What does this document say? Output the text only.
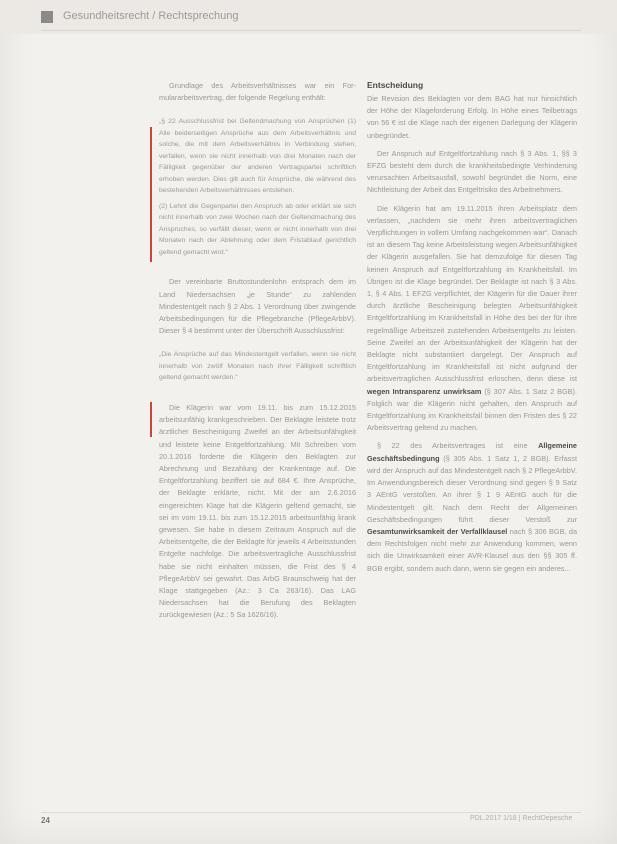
Gesundheitsrecht / Rechtsprechung

Grundlage des Arbeitsverhältnisses war ein For-mulararbeitsvertrag, der folgende Regelung enthält:

„§ 22 Ausschlussfrist bei Geltendmachung von Ansprüchen (1) Alle beiderseitigen Ansprüche aus dem Arbeitsverhältnis und solche, die mit dem Arbeitsverhältnis in Verbindung stehen, verfallen, wenn sie nicht innerhalb von drei Monaten nach der Fälligkeit gegenüber der anderen Vertragspartei schriftlich erhoben werden. Dies gilt auch für Ansprüche, die während des bestehenden Arbeitsverhältnisses entstehen.

(2) Lehnt die Gegenpartei den Anspruch ab oder erklärt sie sich nicht innerhalb von zwei Wochen nach der Geltendmachung des Anspruches, so verfällt dieser, wenn er nicht innerhalb von drei Monaten nach der Ablehnung oder dem Fristablauf gerichtlich geltend gemacht wird.“

Der vereinbarte Bruttostundenlohn entsprach dem im Land Niedersachsen „je Stunde“ zu zahlenden Mindestentgelt nach § 2 Abs. 1 Verordnung über zwingende Arbeitsbedingungen für die Pflegebranche (PflegeArbbV). Dieser § 4 bestimmt unter der Überschrift Ausschlussfrist:

„Die Ansprüche auf das Mindestentgelt verfallen, wenn sie nicht innerhalb von zwölf Monaten nach ihrer Fälligkeit schriftlich geltend gemacht werden.“

Die Klägerin war vom 19.11. bis zum 15.12.2015 arbeitsunfähig krankgeschrieben. Der Beklagte leistete trotz ärztlicher Bescheinigung Zweifel an der Arbeitsunfähigkeit und leistete keine Entgeltfortzahlung. Mit Schreiben vom 20.1.2016 forderte die Klägerin den Beklagten zur Abrechnung und Bezahlung der Krankentage auf. Die Entgeltfortzahlung beziffert sie auf 684 €. Ihre Ansprüche, der Beklagte erklärte, nicht. Mit der am 2.6.2016 eingereichten Klage hat die Klägerin geltend gemacht, sie sei im vom 19.11. bis zum 15.12.2015 arbeitsunfähig krank gewesen. Sie habe in diesem Zeitraum Anspruch auf die Arbeitsentgelte, die der Beklagte für jeweils 4 Arbeitsstunden Entgelte nachfolge. Die arbeitsvertragliche Ausschlussfrist habe sie nicht einhalten müssen, die Frist des § 4 PflegeArbbV sei gewahrt. Das ArbG Braunschweig hat der Klage stattgegeben (Az.: 3 Ca 263/16). Das LAG Niedersachsen hat die Berufung des Beklagten zurückgewiesen (Az.: 5 Sa 1626/16).

Entscheidung

Die Revision des Beklagten vor dem BAG hat nur hinsichtlich der Höhe der Klageforderung Erfolg. In Höhe eines Teilbetrags von 56 € ist die Klage nach der eigenen Darlegung der Klägerin unbegründet.

Der Anspruch auf Entgeltfortzahlung nach § 3 Abs. 1, §§ 3 EFZG besteht dem durch die krankheitsbedingte Verhinderung verursachten Arbeitsausfall, sowohl begründet die Norm, eine Nichtleistung der Arbeit das Entgeltrisiko des Arbeitnehmers.

Die Klägerin hat am 19.11.2015 ihren Arbeitsplatz dem verlassen, „nachdem sie mehr ihren arbeitsvertraglichen Verpflichtungen in vollem Umfang nachgekommen war“. Danach ist an diesem Tag keine Arbeitsleistung wegen Arbeitsunfähigkeit der Klägerin ausgefallen. Sie hat demzufolge für diesen Tag keinen Anspruch auf Entgeltfortzahlung im Krankheitsfall. Im Übrigen ist die Klage begründet. Der Beklagte ist nach § 3 Abs. 1, § 4 Abs. 1 EFZG verpflichtet, der Klägerin für die Dauer ihrer durch ärztliche Bescheinigung belegten Arbeitsunfähigkeit Entgeltfortzahlung im Krankheitsfall in Höhe des bei der für ihre regelmäßige Arbeitszeit zustehenden Arbeitsentgelts zu leisten. Seine Zweifel an der Arbeitsunfähigkeit der Klägerin hat der Beklagte nicht substantiiert dargelegt. Der Anspruch auf Entgeltfortzahlung im Krankheitsfall ist nicht aufgrund der arbeitsvertraglichen Ausschlussfrist erloschen, denn diese ist wegen Intransparenz unwirksam (§ 307 Abs. 1 Satz 2 BGB). Folglich war die Klägerin nicht gehalten, den Anspruch auf Entgeltfortzahlung im Krankheitsfall binnen den Fristen des § 22 Arbeitsvertrag geltend zu machen.

§ 22 des Arbeitsvertrages ist eine Allgemeine Geschäftsbedingung (§ 305 Abs. 1 Satz 1, 2 BGB). Erfasst wird der Anspruch auf das Mindestentgelt nach § 2 PflegeArbbV. Im Anwendungsbereich dieser Verordnung sind gegen § 9 Satz 3 AEntG verstoßen. An ihrer § 1 9 AEntG auch für die Mindestentgelt gilt. Nach dem Recht der Allgemeinen Geschäftsbedingungen führt dieser Verstoß zur Gesamtunwirksamkeit der Verfallklausel nach § 306 BGB, da dem Rechtsfolgen nicht mehr zur Anwendung kommen, wenn sich die Unwirksamkeit einer AVR-Klausel aus den §§ 305 ff. BGB ergibt, sondern auch dann, wenn sie gegen ein anderes...

24	PDL.2017 1/18 | RechtDepesche
